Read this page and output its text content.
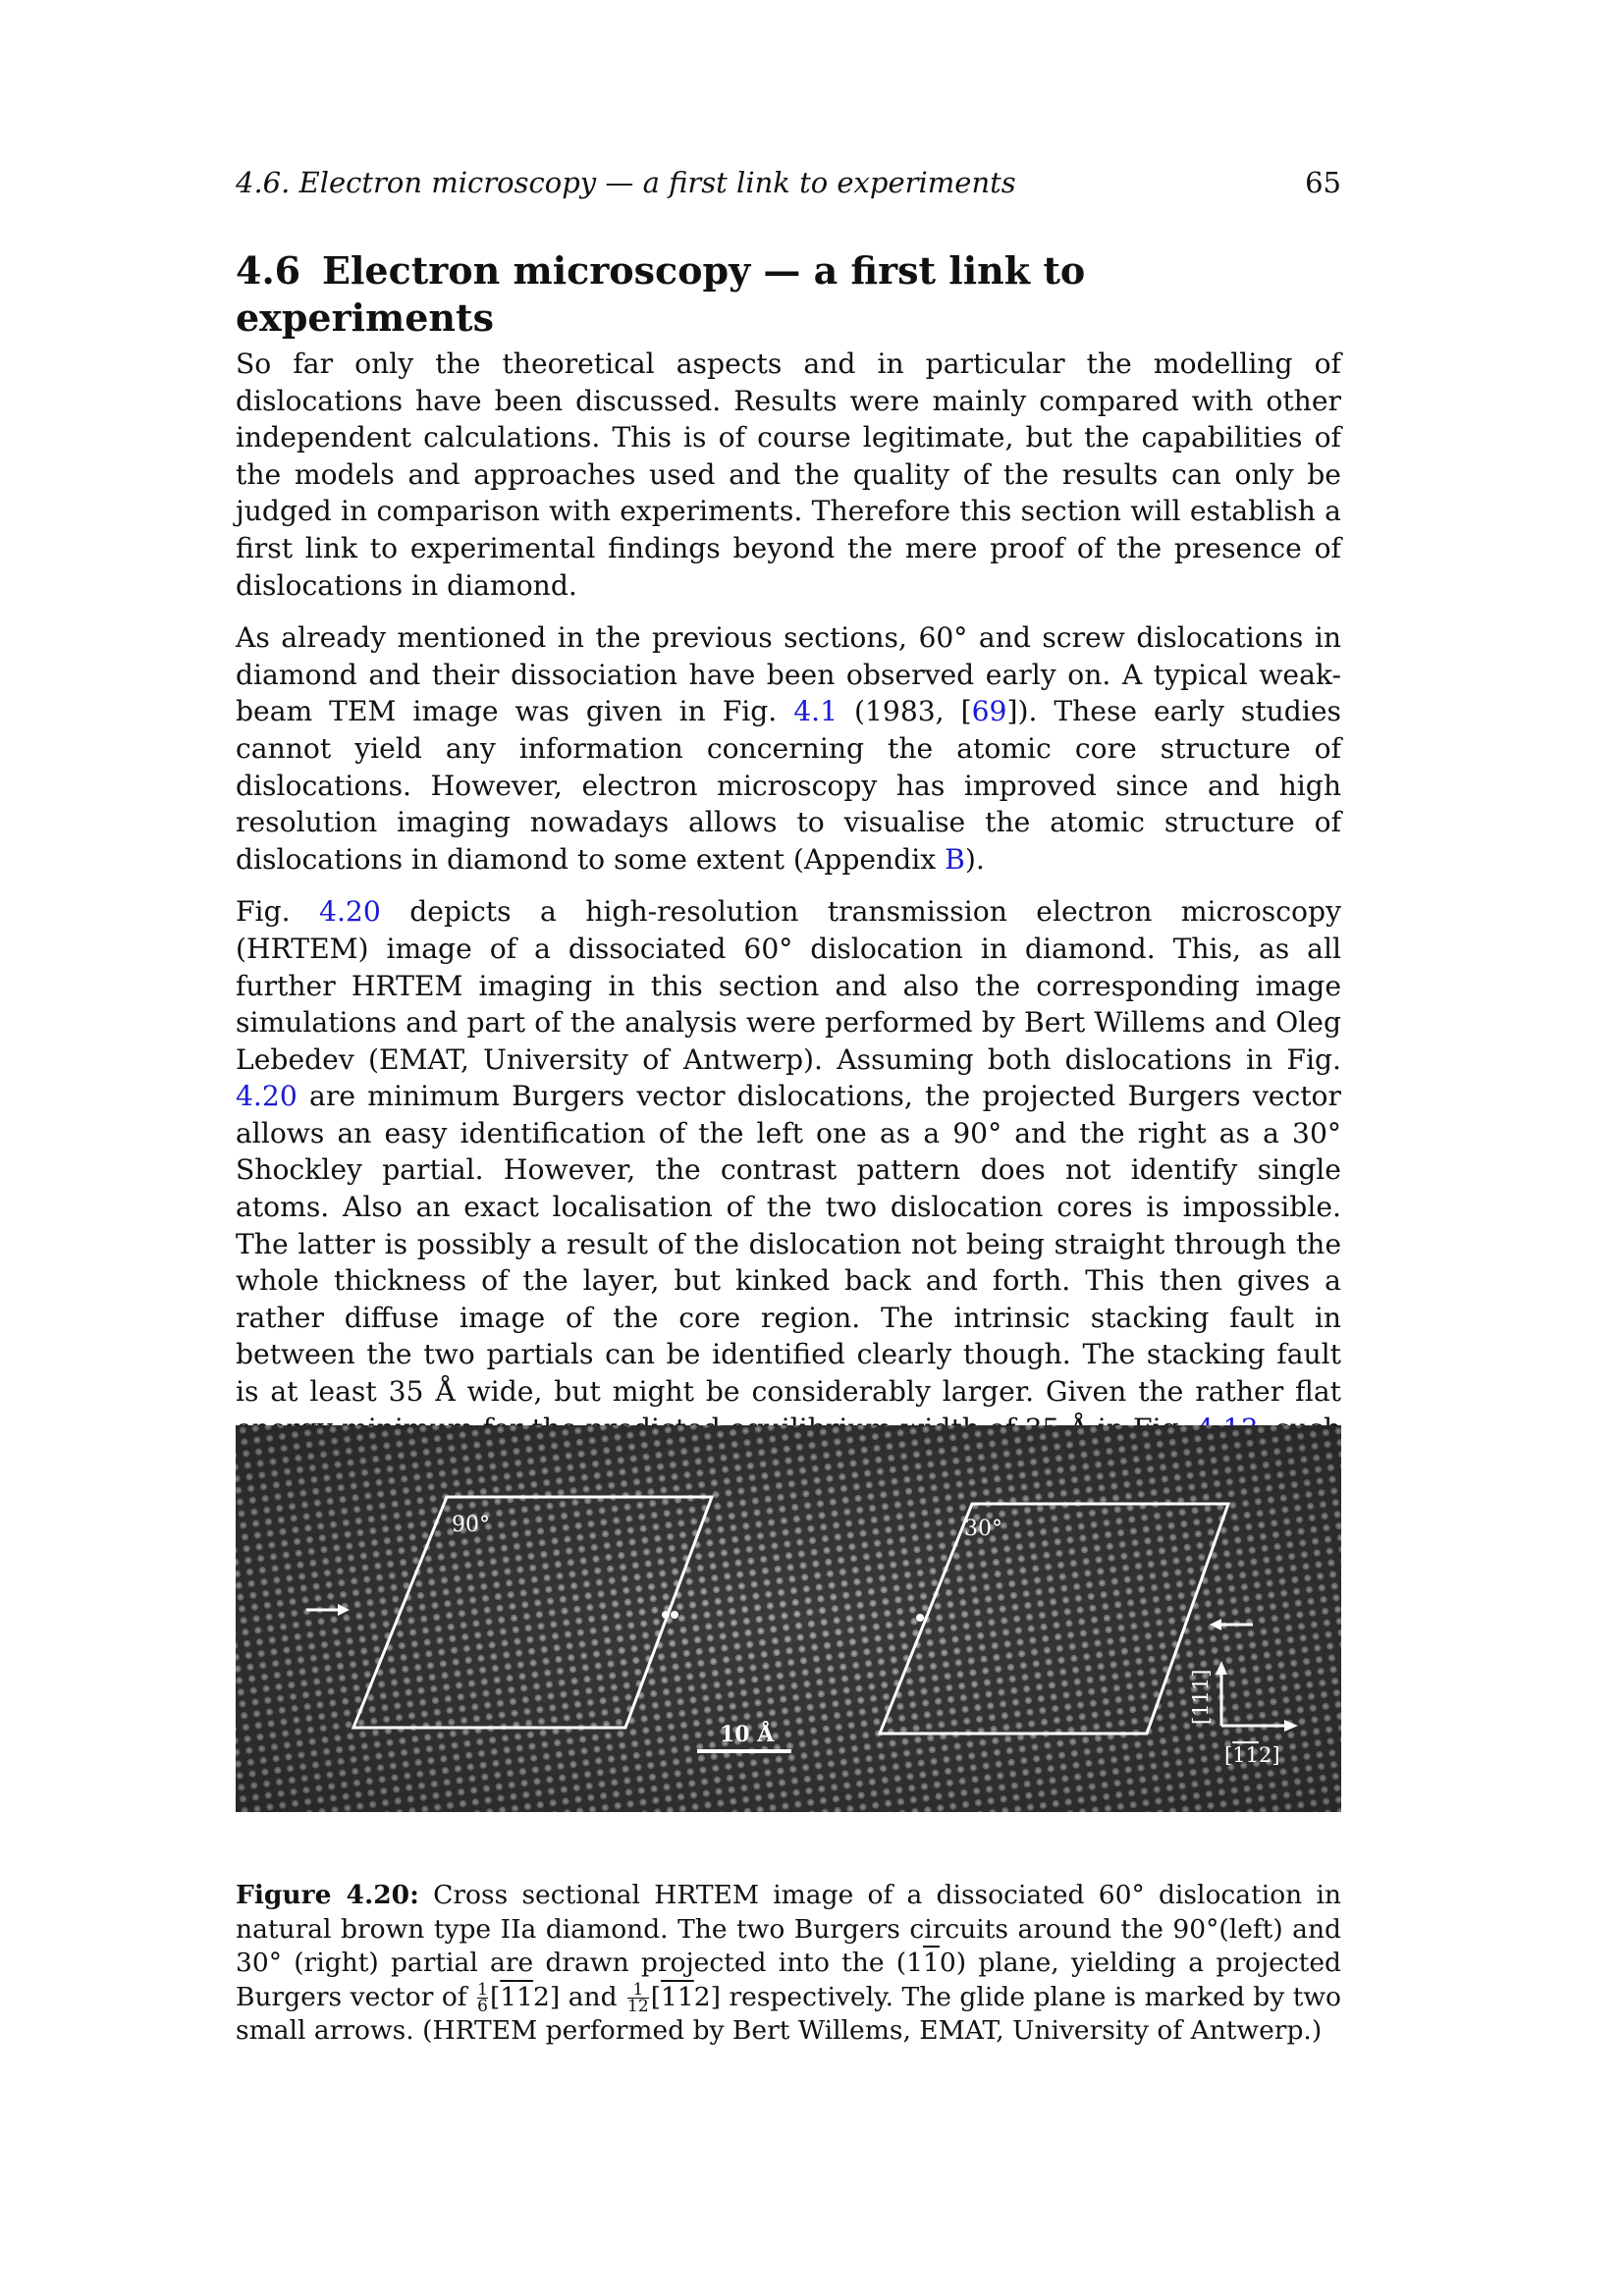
4.6. Electron microscopy — a first link to experiments	65
4.6 Electron microscopy — a first link to experiments

So far only the theoretical aspects and in particular the modelling of dislocations have been discussed. Results were mainly compared with other independent calculations. This is of course legitimate, but the capabilities of the models and approaches used and the quality of the results can only be judged in comparison with experiments. Therefore this section will establish a first link to experimental findings beyond the mere proof of the presence of dislocations in diamond.

As already mentioned in the previous sections, 60° and screw dislocations in diamond and their dissociation have been observed early on. A typical weak-beam TEM image was given in Fig. 4.1 (1983, [69]). These early studies cannot yield any information concerning the atomic core structure of dislocations. However, electron microscopy has improved since and high resolution imaging nowadays allows to visualise the atomic structure of dislocations in diamond to some extent (Appendix B).

Fig. 4.20 depicts a high-resolution transmission electron microscopy (HRTEM) image of a dissociated 60° dislocation in diamond. This, as all further HRTEM imaging in this section and also the corresponding image simulations and part of the analysis were performed by Bert Willems and Oleg Lebedev (EMAT, University of Antwerp). Assuming both dislocations in Fig. 4.20 are minimum Burgers vector dislocations, the projected Burgers vector allows an easy identification of the left one as a 90° and the right as a 30° Shockley partial. However, the contrast pattern does not identify single atoms. Also an exact localisation of the two dislocation cores is impossible. The latter is possibly a result of the dislocation not being straight through the whole thickness of the layer, but kinked back and forth. This then gives a rather diffuse image of the core region. The intrinsic stacking fault in between the two partials can be identified clearly though. The stacking fault is at least 35 Å wide, but might be considerably larger. Given the rather flat

90°	30°
10 Å
[111]
[112]
Figure 4.20: Cross sectional HRTEM image of a dissociated 60° dislocation in natural brown type IIa diamond. The two Burgers circuits around the 90°(left) and 30° (right) partial are drawn projected into the (110) plane, yielding a projected Burgers vector of $\frac{1}{6} [112]$ and $\frac{1}{12} [112]$ respectively. The glide plane is marked by two small arrows. (HRTEM performed by Bert Willems, EMAT, University of Antwerp.)
